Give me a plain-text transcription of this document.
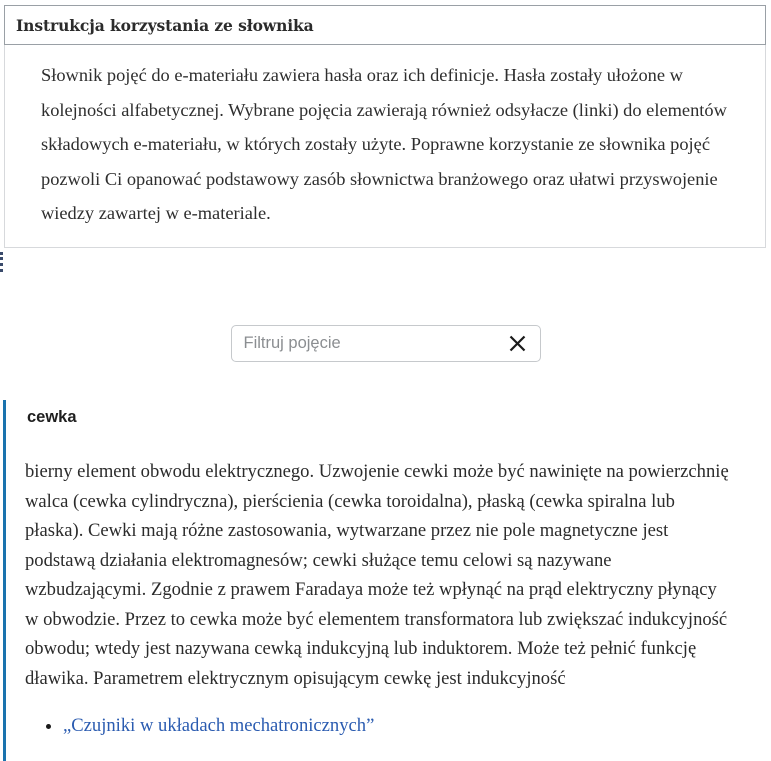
Instrukcja korzystania ze słownika

Słownik pojęć do e-materiału zawiera hasła oraz ich definicje. Hasła zostały ułożone w kolejności alfabetycznej. Wybrane pojęcia zawierają również odsyłacze (linki) do elementów składowych e-materiału, w których zostały użyte. Poprawne korzystanie ze słownika pojęć pozwoli Ci opanować podstawowy zasób słownictwa branżowego oraz ułatwi przyswojenie wiedzy zawartej w e-materiale.

Filtruj pojęcie
cewka

bierny element obwodu elektrycznego. Uzwojenie cewki może być nawinięte na powierzchnię walca (cewka cylindryczna), pierścienia (cewka toroidalna), płaską (cewka spiralna lub płaska). Cewki mają różne zastosowania, wytwarzane przez nie pole magnetyczne jest podstawą działania elektromagnesów; cewki służące temu celowi są nazywane wzbudzającymi. Zgodnie z prawem Faradaya może też wpłynąć na prąd elektryczny płynący w obwodzie. Przez to cewka może być elementem transformatora lub zwiększać indukcyjność obwodu; wtedy jest nazywana cewką indukcyjną lub induktorem. Może też pełnić funkcję dławika. Parametrem elektrycznym opisującym cewkę jest indukcyjność

• „Czujniki w układach mechatronicznych”
